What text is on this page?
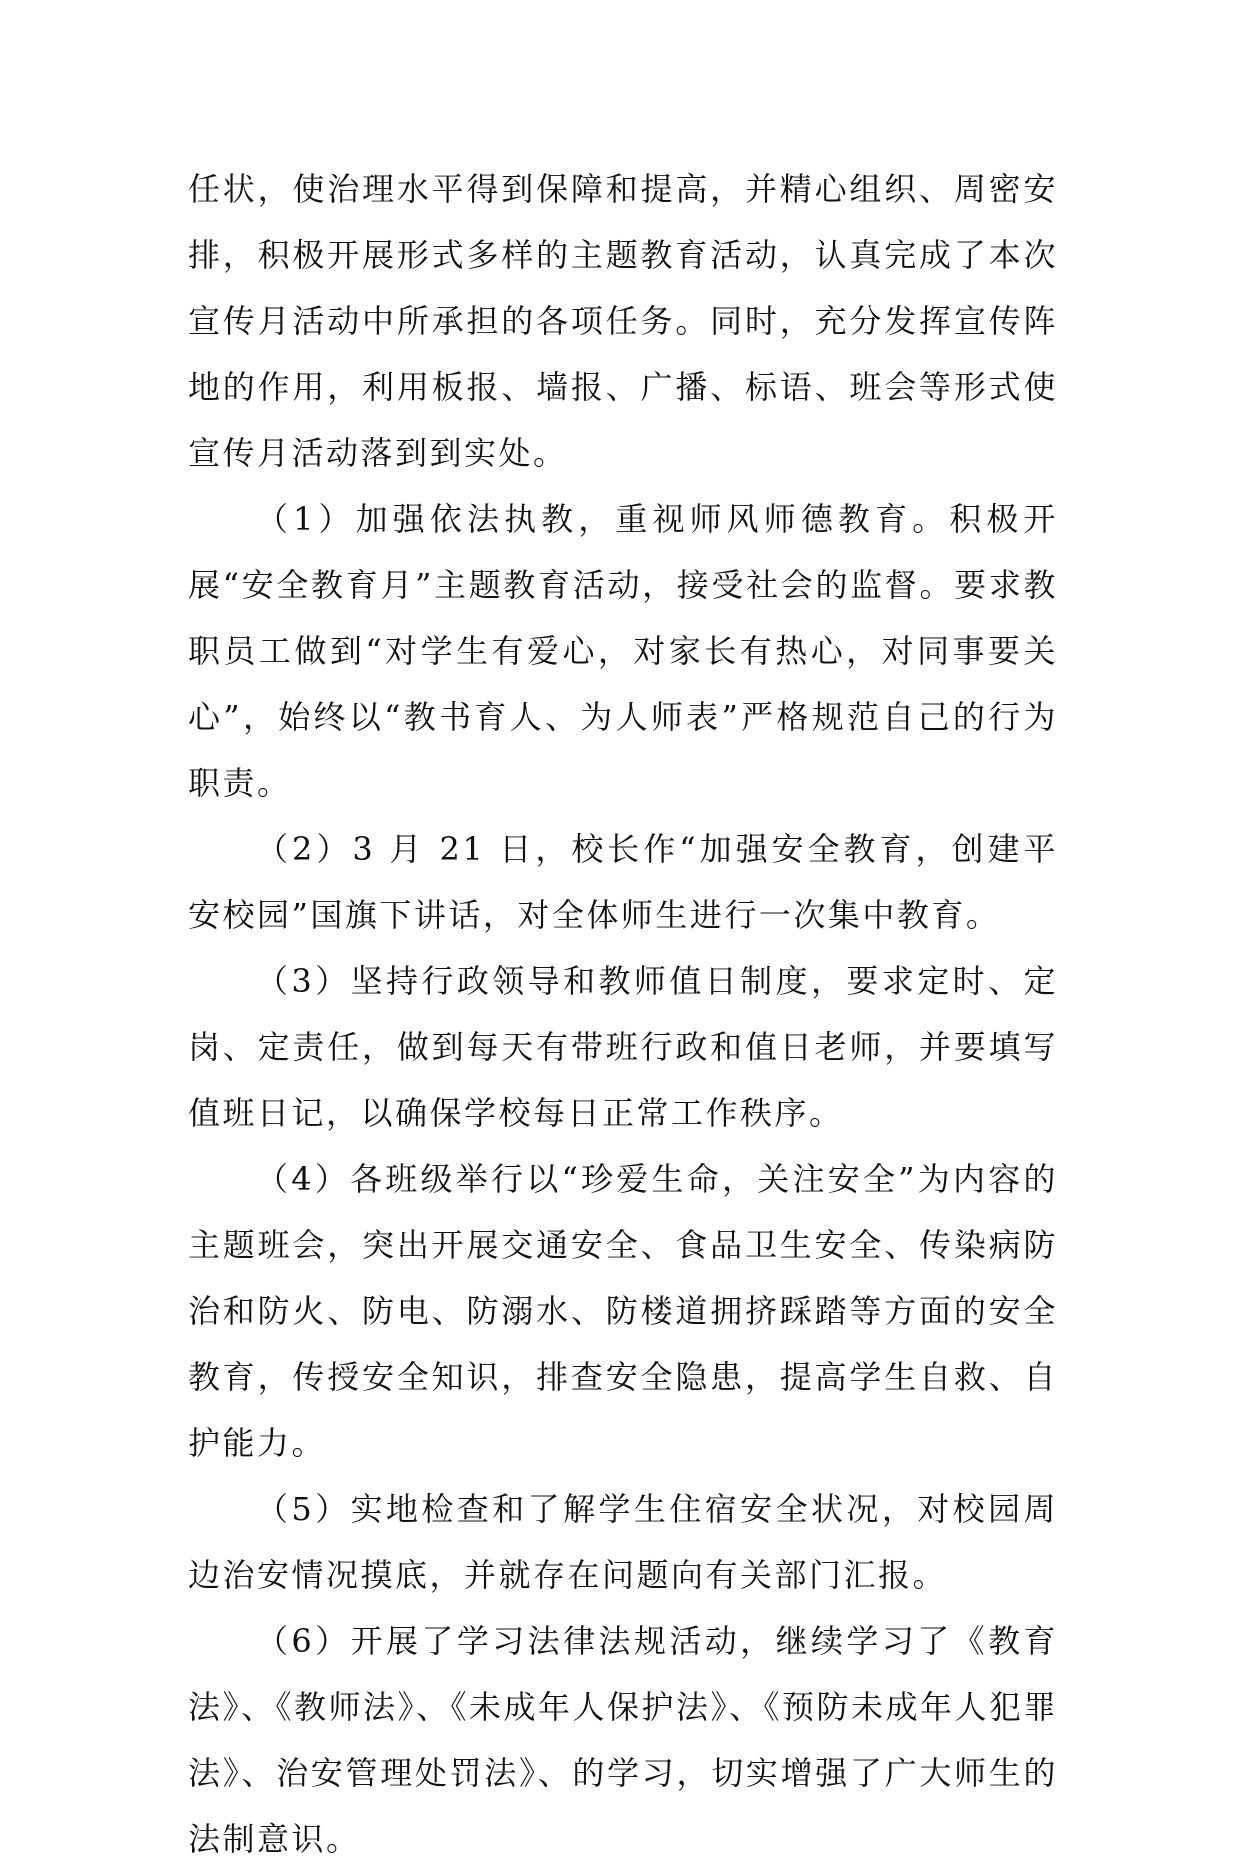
任状，使治理水平得到保障和提高，并精心组织、周密安排，积极开展形式多样的主题教育活动，认真完成了本次宣传月活动中所承担的各项任务。同时，充分发挥宣传阵地的作用，利用板报、墙报、广播、标语、班会等形式使宣传月活动落到到实处。

（1）加强依法执教，重视师风师德教育。积极开展“安全教育月”主题教育活动，接受社会的监督。要求教职员工做到“对学生有爱心，对家长有热心，对同事要关心”，始终以“教书育人、为人师表”严格规范自己的行为职责。

（2）3 月 21 日，校长作“加强安全教育，创建平安校园”国旗下讲话，对全体师生进行一次集中教育。

（3）坚持行政领导和教师值日制度，要求定时、定岗、定责任，做到每天有带班行政和值日老师，并要填写值班日记，以确保学校每日正常工作秩序。

（4）各班级举行以“珍爱生命，关注安全”为内容的主题班会，突出开展交通安全、食品卫生安全、传染病防治和防火、防电、防溺水、防楼道拥挤踩踏等方面的安全教育，传授安全知识，排查安全隐患，提高学生自救、自护能力。

（5）实地检查和了解学生住宿安全状况，对校园周边治安情况摸底，并就存在问题向有关部门汇报。

（6）开展了学习法律法规活动，继续学习了《教育法》、《教师法》、《未成年人保护法》、《预防未成年人犯罪法》、治安管理处罚法》、的学习，切实增强了广大师生的法制意识。
